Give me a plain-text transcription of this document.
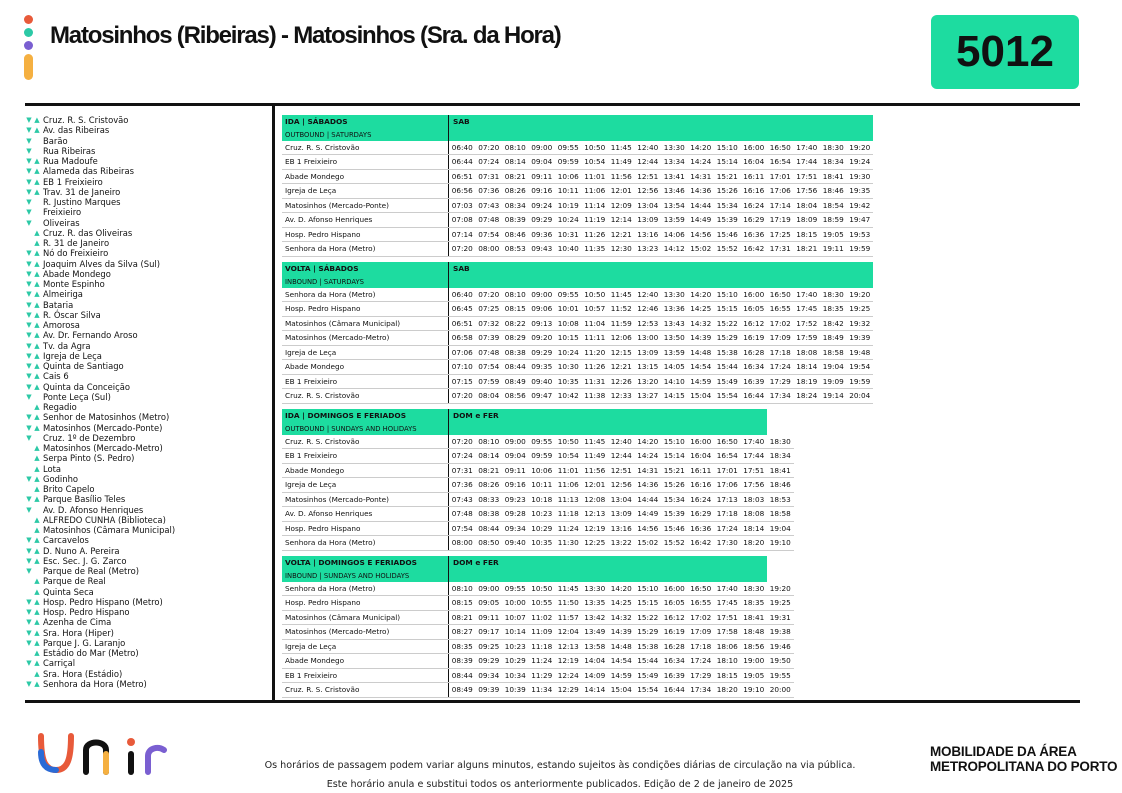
Matosinhos (Ribeiras) - Matosinhos (Sra. da Hora)	5012
▼ ▲ Cruz. R. S. Cristovão
▼ ▲ Av. das Ribeiras
▼ Barão
▼ Rua Ribeiras
▼ ▲ Rua Madoufe
▼ ▲ Alameda das Ribeiras
▼ ▲ EB 1 Freixieiro
▼ ▲ Trav. 31 de Janeiro
▼ R. Justino Marques
▼ Freixieiro
▼ Oliveiras
▲ Cruz. R. das Oliveiras
▲ R. 31 de Janeiro
▼ ▲ Nó do Freixieiro
▼ ▲ Joaquim Alves da Silva (Sul)
▼ ▲ Abade Mondego
▼ ▲ Monte Espinho
▼ ▲ Almeiriga
▼ ▲ Bataria
▼ ▲ R. Óscar Silva
▼ ▲ Amorosa
▼ ▲ Av. Dr. Fernando Aroso
▼ ▲ Tv. da Agra
▼ ▲ Igreja de Leça
▼ ▲ Quinta de Santiago
▼ ▲ Cais 6
▼ ▲ Quinta da Conceição
▼ Ponte Leça (Sul)
▲ Regadio
▼ ▲ Senhor de Matosinhos (Metro)
▼ ▲ Matosinhos (Mercado-Ponte)
▼ Cruz. 1º de Dezembro
▲ Matosinhos (Mercado-Metro)
▲ Serpa Pinto (S. Pedro)
▲ Lota
▼ ▲ Godinho
▲ Brito Capelo
▼ ▲ Parque Basílio Teles
▼ Av. D. Afonso Henriques
▲ ALFREDO CUNHA (Biblioteca)
▲ Matosinhos (Câmara Municipal)
▼ ▲ Carcavelos
▼ ▲ D. Nuno A. Pereira
▼ ▲ Esc. Sec. J. G. Zarco
▼ Parque de Real (Metro)
▲ Parque de Real
▲ Quinta Seca
▼ ▲ Hosp. Pedro Hispano (Metro)
▼ ▲ Hosp. Pedro Hispano
▼ ▲ Azenha de Cima
▼ ▲ Sra. Hora (Hiper)
▼ ▲ Parque J. G. Laranjo
▲ Estádio do Mar (Metro)
▼ ▲ Carriçal
▲ Sra. Hora (Estádio)
▼ ▲ Senhora da Hora (Metro)
IDA | SÁBADOS	SAB															
OUTBOUND | SATURDAYS																
Cruz. R. S. Cristovão	06:40	07:20	08:10	09:00	09:55	10:50	11:45	12:40	13:30	14:20	15:10	16:00	16:50	17:40	18:30	19:20
EB 1 Freixieiro	06:44	07:24	08:14	09:04	09:59	10:54	11:49	12:44	13:34	14:24	15:14	16:04	16:54	17:44	18:34	19:24
Abade Mondego	06:51	07:31	08:21	09:11	10:06	11:01	11:56	12:51	13:41	14:31	15:21	16:11	17:01	17:51	18:41	19:30
Igreja de Leça	06:56	07:36	08:26	09:16	10:11	11:06	12:01	12:56	13:46	14:36	15:26	16:16	17:06	17:56	18:46	19:35
Matosinhos (Mercado-Ponte)	07:03	07:43	08:34	09:24	10:19	11:14	12:09	13:04	13:54	14:44	15:34	16:24	17:14	18:04	18:54	19:42
Av. D. Afonso Henriques	07:08	07:48	08:39	09:29	10:24	11:19	12:14	13:09	13:59	14:49	15:39	16:29	17:19	18:09	18:59	19:47
Hosp. Pedro Hispano	07:14	07:54	08:46	09:36	10:31	11:26	12:21	13:16	14:06	14:56	15:46	16:36	17:25	18:15	19:05	19:53
Senhora da Hora (Metro)	07:20	08:00	08:53	09:43	10:40	11:35	12:30	13:23	14:12	15:02	15:52	16:42	17:31	18:21	19:11	19:59
VOLTA | SÁBADOS	SAB															
INBOUND | SATURDAYS																
Senhora da Hora (Metro)	06:40	07:20	08:10	09:00	09:55	10:50	11:45	12:40	13:30	14:20	15:10	16:00	16:50	17:40	18:30	19:20
Hosp. Pedro Hispano	06:45	07:25	08:15	09:06	10:01	10:57	11:52	12:46	13:36	14:25	15:15	16:05	16:55	17:45	18:35	19:25
Matosinhos (Câmara Municipal)	06:51	07:32	08:22	09:13	10:08	11:04	11:59	12:53	13:43	14:32	15:22	16:12	17:02	17:52	18:42	19:32
Matosinhos (Mercado-Metro)	06:58	07:39	08:29	09:20	10:15	11:11	12:06	13:00	13:50	14:39	15:29	16:19	17:09	17:59	18:49	19:39
Igreja de Leça	07:06	07:48	08:38	09:29	10:24	11:20	12:15	13:09	13:59	14:48	15:38	16:28	17:18	18:08	18:58	19:48
Abade Mondego	07:10	07:54	08:44	09:35	10:30	11:26	12:21	13:15	14:05	14:54	15:44	16:34	17:24	18:14	19:04	19:54
EB 1 Freixieiro	07:15	07:59	08:49	09:40	10:35	11:31	12:26	13:20	14:10	14:59	15:49	16:39	17:29	18:19	19:09	19:59
Cruz. R. S. Cristovão	07:20	08:04	08:56	09:47	10:42	11:38	12:33	13:27	14:15	15:04	15:54	16:44	17:34	18:24	19:14	20:04
IDA | DOMINGOS E FERIADOS	DOM e FER												
OUTBOUND | SUNDAYS AND HOLIDAYS													
Cruz. R. S. Cristovão	07:20	08:10	09:00	09:55	10:50	11:45	12:40	14:20	15:10	16:00	16:50	17:40	18:30
EB 1 Freixieiro	07:24	08:14	09:04	09:59	10:54	11:49	12:44	14:24	15:14	16:04	16:54	17:44	18:34
Abade Mondego	07:31	08:21	09:11	10:06	11:01	11:56	12:51	14:31	15:21	16:11	17:01	17:51	18:41
Igreja de Leça	07:36	08:26	09:16	10:11	11:06	12:01	12:56	14:36	15:26	16:16	17:06	17:56	18:46
Matosinhos (Mercado-Ponte)	07:43	08:33	09:23	10:18	11:13	12:08	13:04	14:44	15:34	16:24	17:13	18:03	18:53
Av. D. Afonso Henriques	07:48	08:38	09:28	10:23	11:18	12:13	13:09	14:49	15:39	16:29	17:18	18:08	18:58
Hosp. Pedro Hispano	07:54	08:44	09:34	10:29	11:24	12:19	13:16	14:56	15:46	16:36	17:24	18:14	19:04
Senhora da Hora (Metro)	08:00	08:50	09:40	10:35	11:30	12:25	13:22	15:02	15:52	16:42	17:30	18:20	19:10
VOLTA | DOMINGOS E FERIADOS	DOM e FER												
INBOUND | SUNDAYS AND HOLIDAYS													
Senhora da Hora (Metro)	08:10	09:00	09:55	10:50	11:45	13:30	14:20	15:10	16:00	16:50	17:40	18:30	19:20
Hosp. Pedro Hispano	08:15	09:05	10:00	10:55	11:50	13:35	14:25	15:15	16:05	16:55	17:45	18:35	19:25
Matosinhos (Câmara Municipal)	08:21	09:11	10:07	11:02	11:57	13:42	14:32	15:22	16:12	17:02	17:51	18:41	19:31
Matosinhos (Mercado-Metro)	08:27	09:17	10:14	11:09	12:04	13:49	14:39	15:29	16:19	17:09	17:58	18:48	19:38
Igreja de Leça	08:35	09:25	10:23	11:18	12:13	13:58	14:48	15:38	16:28	17:18	18:06	18:56	19:46
Abade Mondego	08:39	09:29	10:29	11:24	12:19	14:04	14:54	15:44	16:34	17:24	18:10	19:00	19:50
EB 1 Freixieiro	08:44	09:34	10:34	11:29	12:24	14:09	14:59	15:49	16:39	17:29	18:15	19:05	19:55
Cruz. R. S. Cristovão	08:49	09:39	10:39	11:34	12:29	14:14	15:04	15:54	16:44	17:34	18:20	19:10	20:00
Os horários de passagem podem variar alguns minutos, estando sujeitos às condições diárias de circulação na via pública.
Este horário anula e substitui todos os anteriormente publicados. Edição de 2 de janeiro de 2025
MOBILIDADE DA ÁREA
METROPOLITANA DO PORTO
